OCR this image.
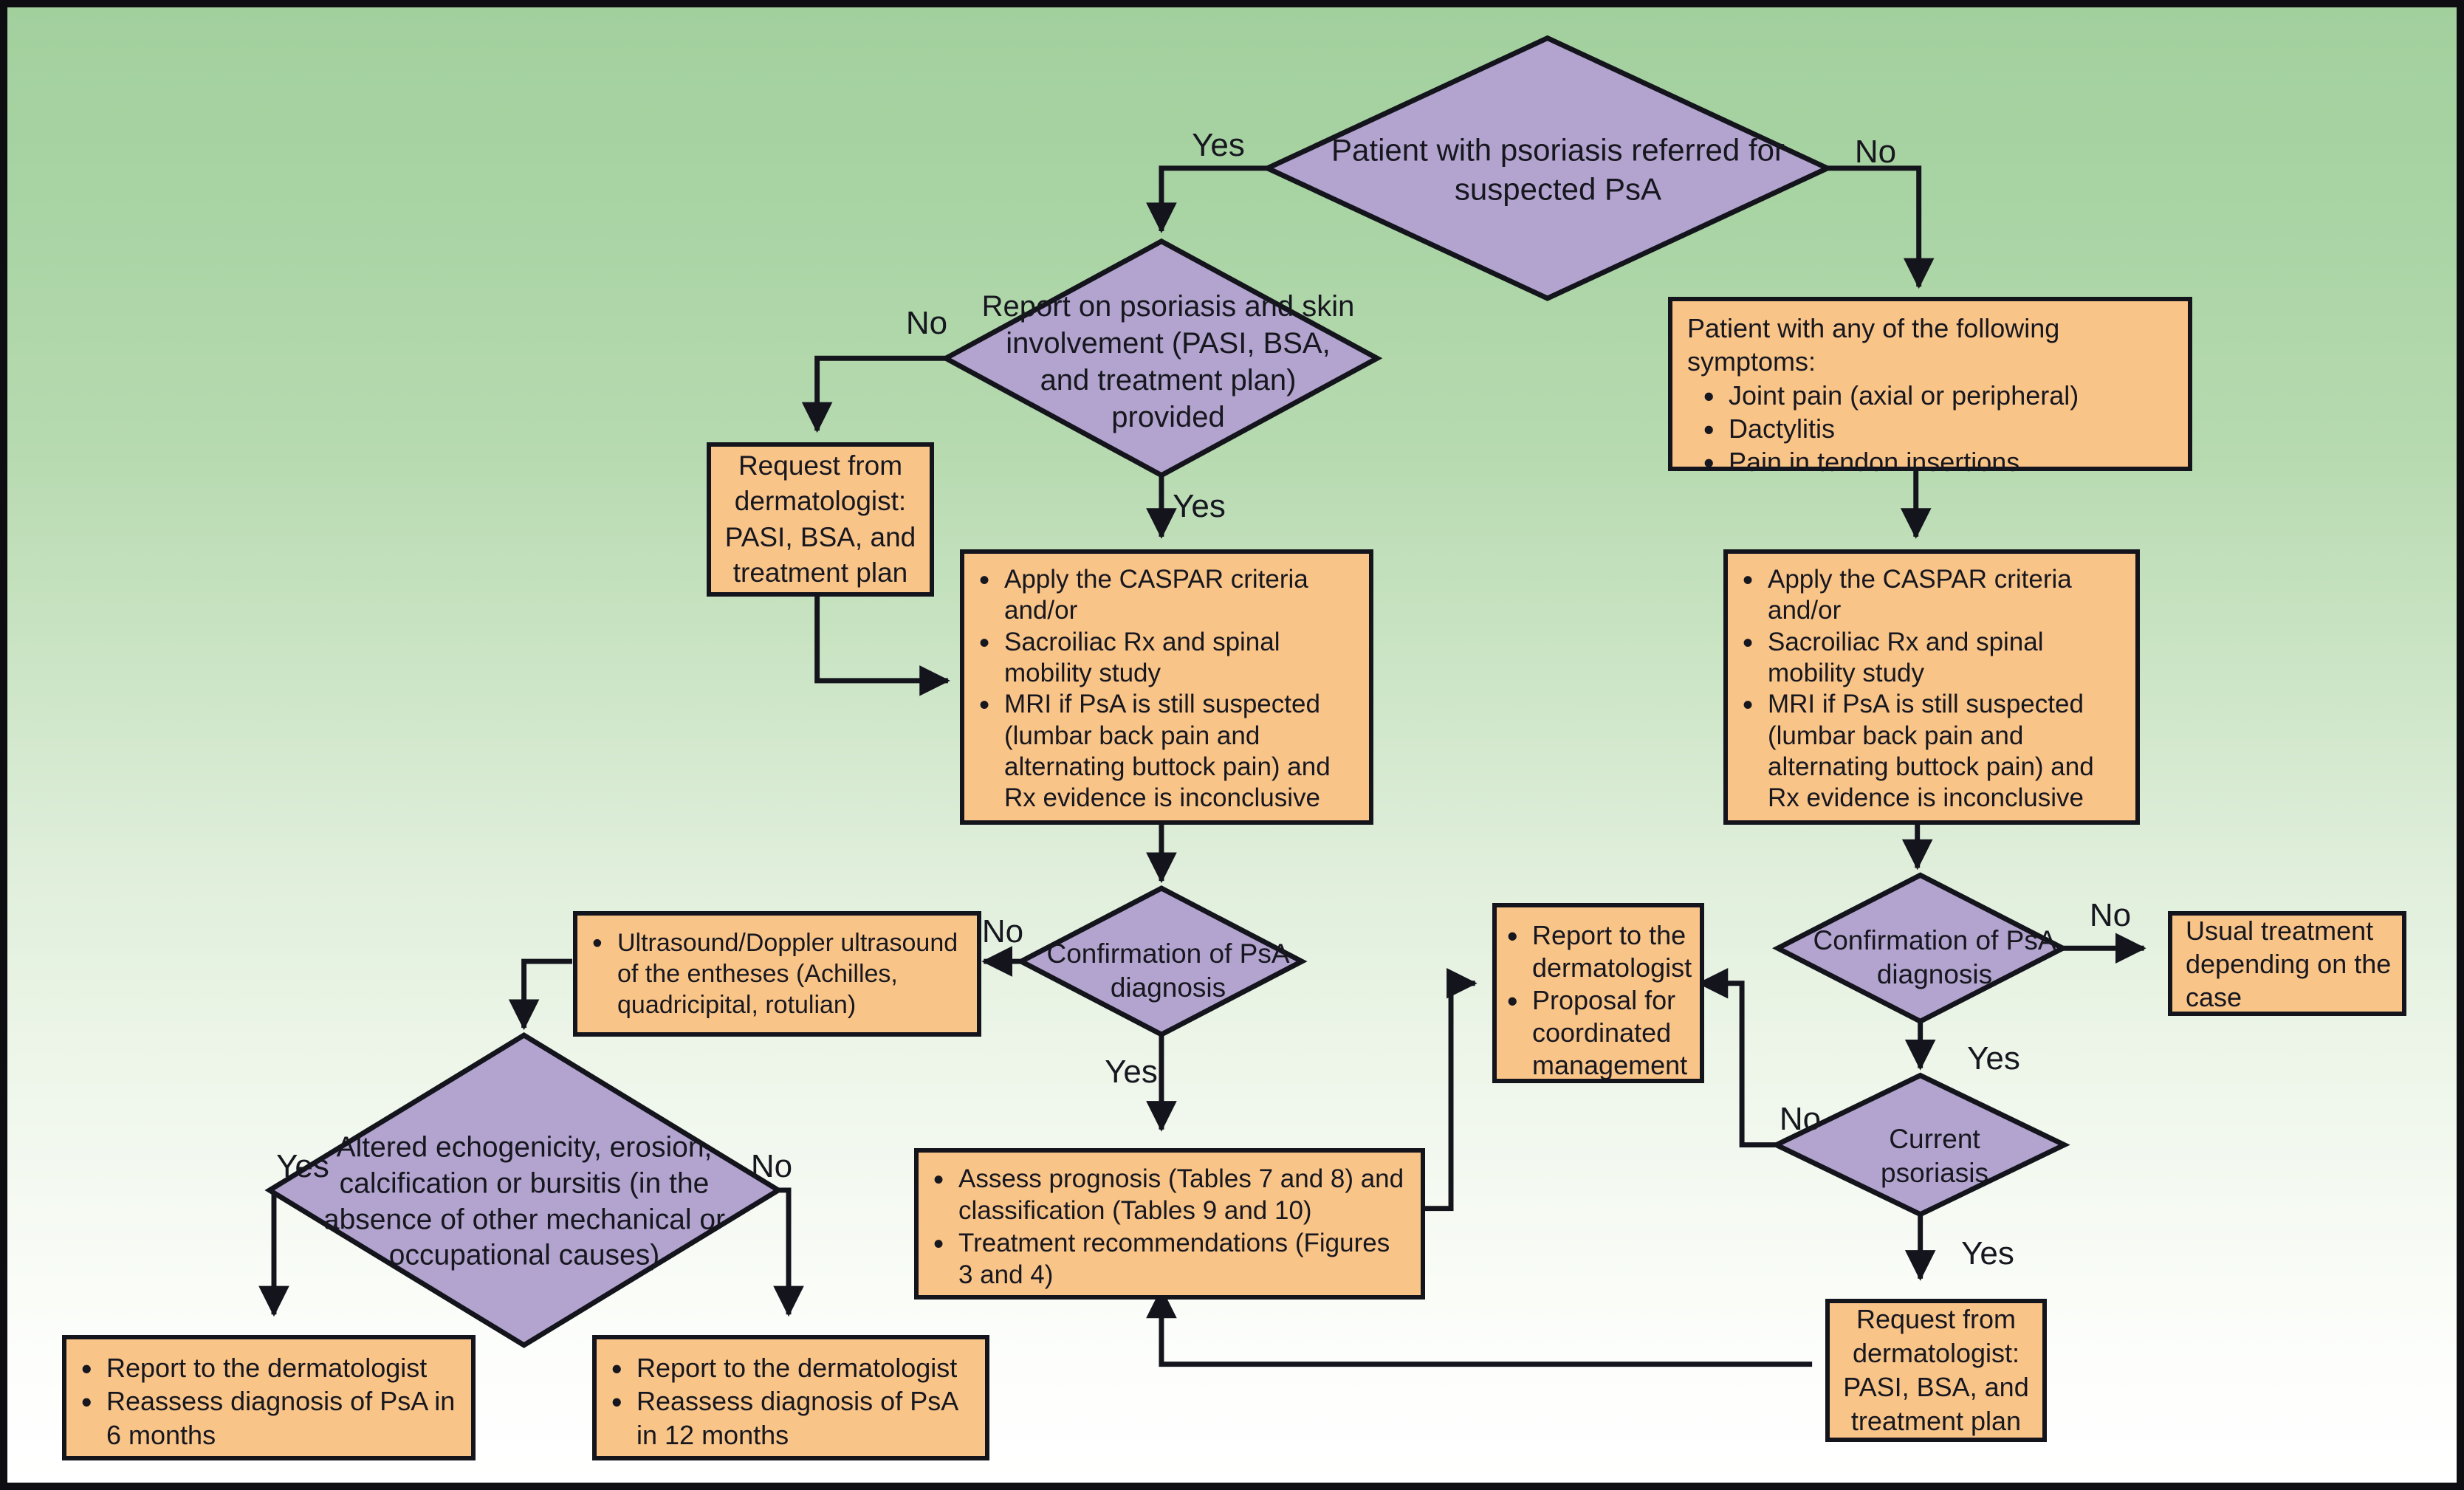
Patient with psoriasis referred for suspected PsA
Report on psoriasis and skin involvement (PASI, BSA, and treatment plan) provided
Confirmation of PsA diagnosis
Altered echogenicity, erosion, calcification or bursitis (in the absence of other mechanical or occupational causes)
Confirmation of PsA diagnosis
Current psoriasis
Request from dermatologist: PASI, BSA, and treatment plan	• Apply the CASPAR criteria and/or
• Sacroiliac Rx and spinal mobility study
• MRI if PsA is still suspected (lumbar back pain and alternating buttock pain) and Rx evidence is inconclusive
Patient with any of the following symptoms:
• Joint pain (axial or peripheral)
• Dactylitis
• Pain in tendon insertions
• Apply the CASPAR criteria and/or
• Sacroiliac Rx and spinal mobility study
• MRI if PsA is still suspected (lumbar back pain and alternating buttock pain) and Rx evidence is inconclusive
• Ultrasound/Doppler ultrasound of the entheses (Achilles, quadricipital, rotulian)
• Assess prognosis (Tables 7 and 8) and classification (Tables 9 and 10)
• Treatment recommendations (Figures 3 and 4)
• Report to the dermatologist
• Proposal for coordinated management
Usual treatment depending on the case
• Report to the dermatologist
• Reassess diagnosis of PsA in 6 months
• Report to the dermatologist
• Reassess diagnosis of PsA in 12 months
Request from dermatologist: PASI, BSA, and treatment plan
Yes	No
No
Yes
No
Yes
Yes	No
No
Yes
No
Yes
